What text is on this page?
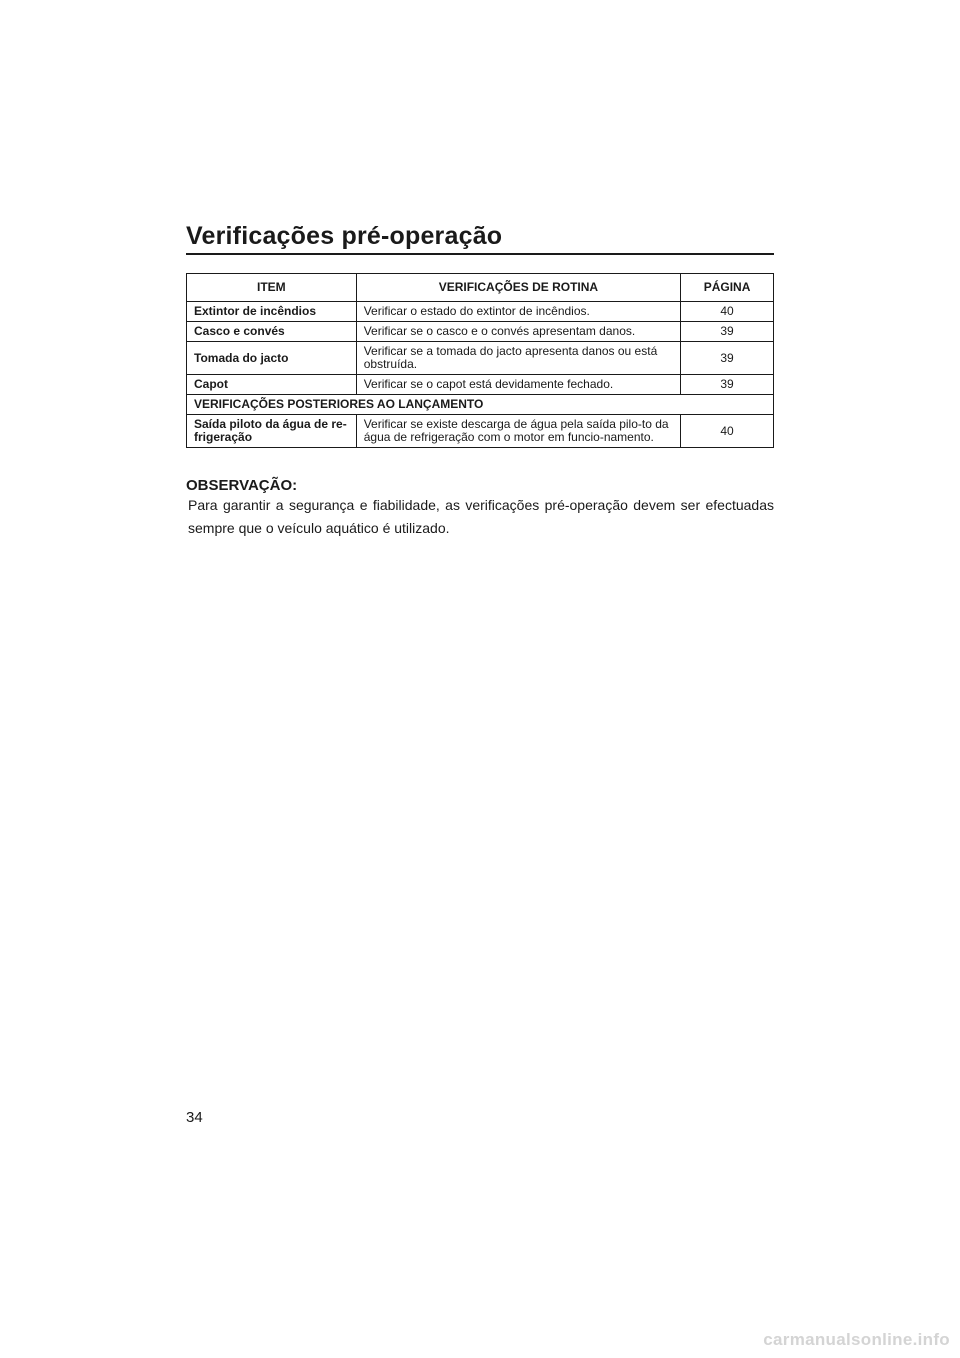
Verificações pré-operação
ITEM	VERIFICAÇÕES DE ROTINA	PÁGINA
Extintor de incêndios	Verificar o estado do extintor de incêndios.	40
Casco e convés	Verificar se o casco e o convés apresentam danos.	39
Tomada do jacto	Verificar se a tomada do jacto apresenta danos ou está obstruída.	39
Capot	Verificar se o capot está devidamente fechado.	39
VERIFICAÇÕES POSTERIORES AO LANÇAMENTO		
Saída piloto da água de re-frigeração	Verificar se existe descarga de água pela saída pilo-to da água de refrigeração com o motor em funcio-namento.	40
OBSERVAÇÃO:

Para garantir a segurança e fiabilidade, as verificações pré-operação devem ser efectuadas sempre que o veículo aquático é utilizado.

34
carmanualsonline.info
